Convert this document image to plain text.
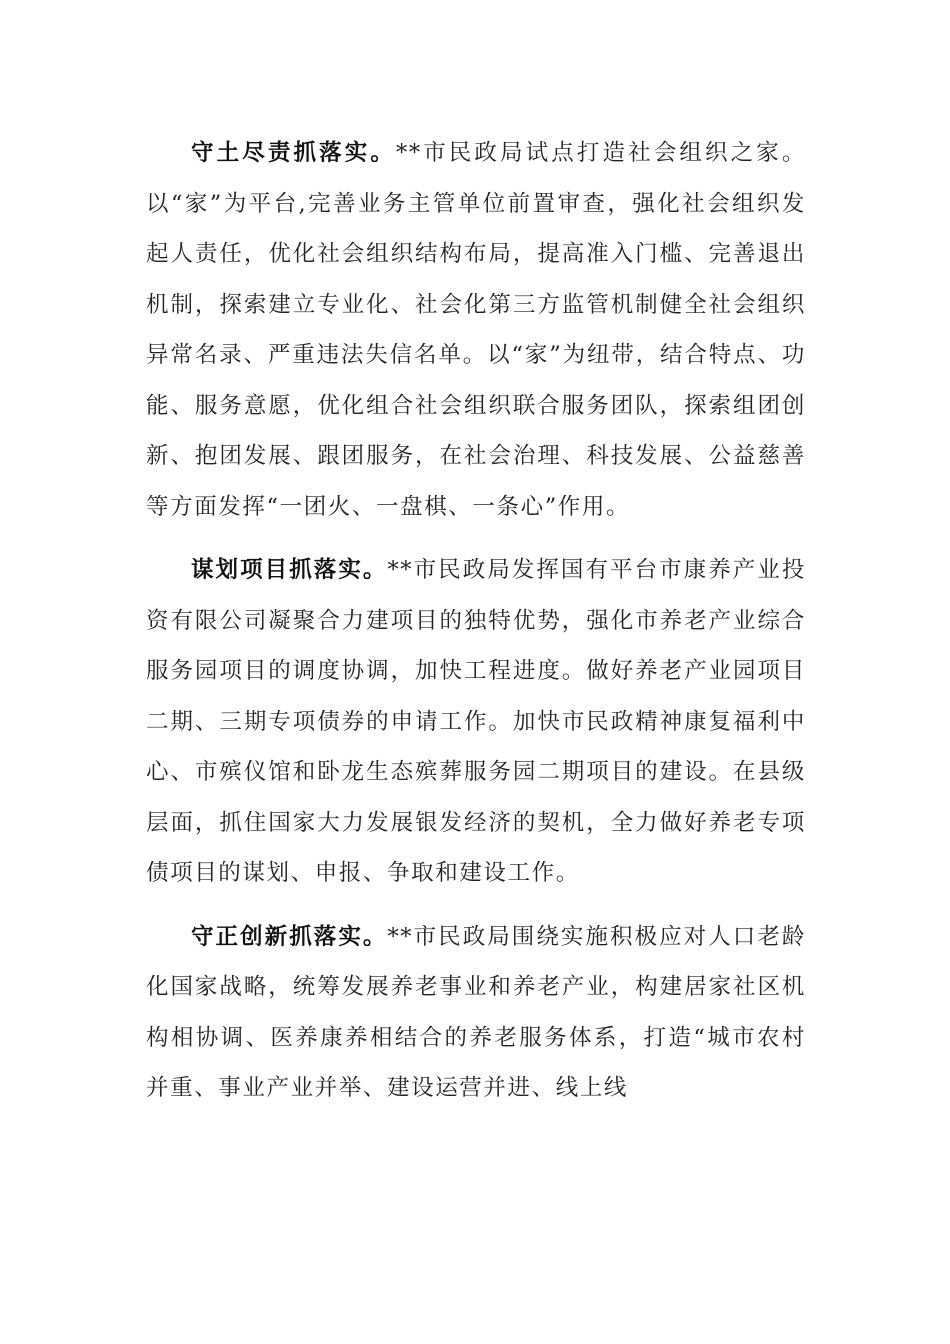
守土尽责抓落实。**市民政局试点打造社会组织之家。以“家”为平台,完善业务主管单位前置审查，强化社会组织发起人责任，优化社会组织结构布局，提高准入门槛、完善退出机制，探索建立专业化、社会化第三方监管机制健全社会组织异常名录、严重违法失信名单。以“家”为纽带，结合特点、功能、服务意愿，优化组合社会组织联合服务团队，探索组团创新、抱团发展、跟团服务，在社会治理、科技发展、公益慈善等方面发挥“一团火、一盘棋、一条心”作用。

谋划项目抓落实。**市民政局发挥国有平台市康养产业投资有限公司凝聚合力建项目的独特优势，强化市养老产业综合服务园项目的调度协调，加快工程进度。做好养老产业园项目二期、三期专项债券的申请工作。加快市民政精神康复福利中心、市殡仪馆和卧龙生态殡葬服务园二期项目的建设。在县级层面，抓住国家大力发展银发经济的契机，全力做好养老专项债项目的谋划、申报、争取和建设工作。

守正创新抓落实。**市民政局围绕实施积极应对人口老龄化国家战略，统筹发展养老事业和养老产业，构建居家社区机构相协调、医养康养相结合的养老服务体系，打造“城市农村并重、事业产业并举、建设运营并进、线上线
